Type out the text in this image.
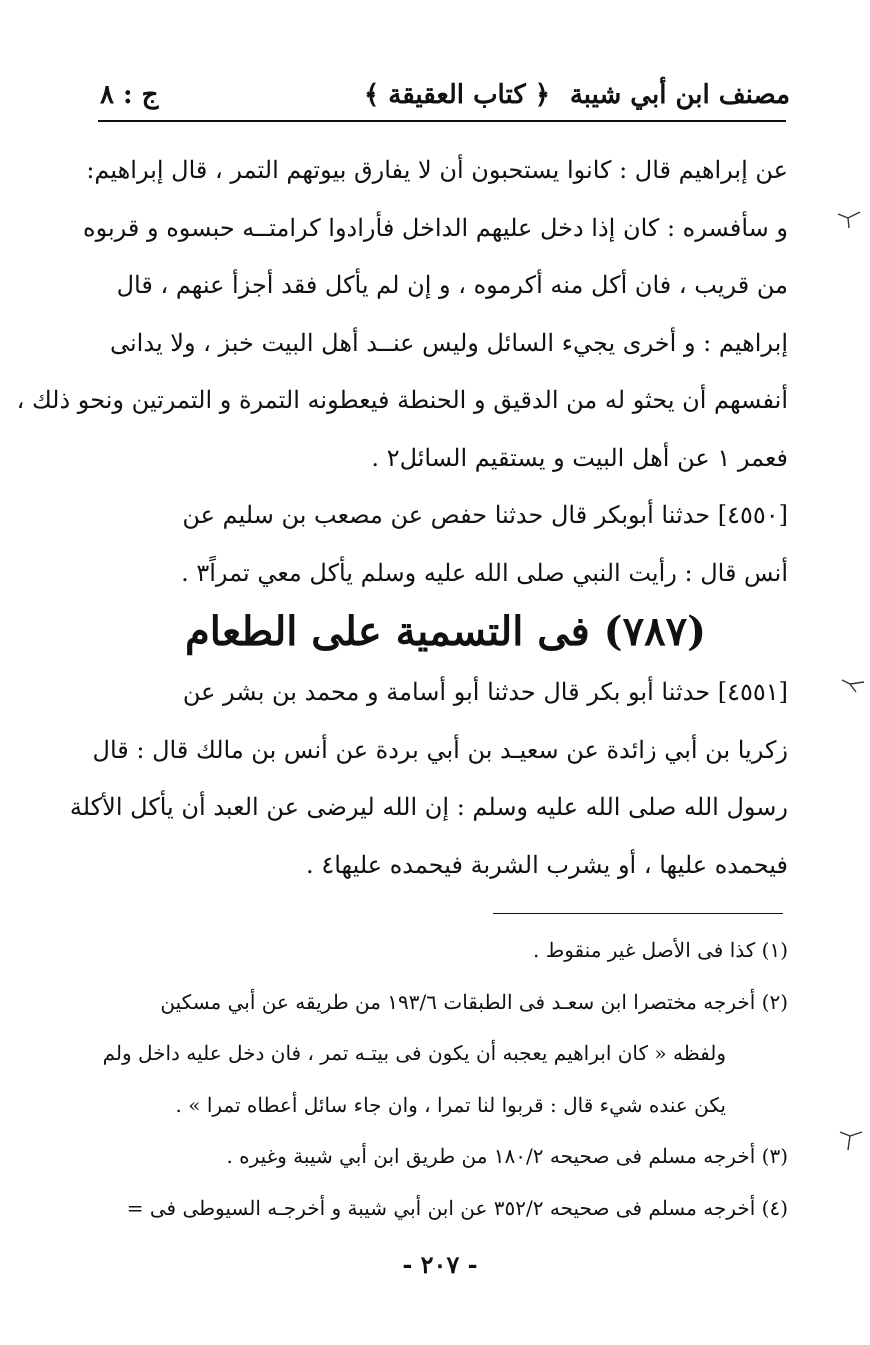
مصنف ابن أبي شيبة
﴿ كتاب العقيقة ﴾
ج : ٨
عن إبراهيم قال : كانوا يستحبون أن لا يفارق بيوتهم التمر ، قال إبراهيم:
و سأفسره : كان إذا دخل عليهم الداخل فأرادوا كرامتــه حبسوه و قربوه
من قريب ، فان أكل منه أكرموه ، و إن لم يأكل فقد أجزأ عنهم ، قال
إبراهيم : و أخرى يجيء السائل وليس عنــد أهل البيت خبز ، ولا يدانى
أنفسهم أن يحثو له من الدقيق و الحنطة فيعطونه التمرة و التمرتين ونحو ذلك ،
فعمر ١ عن أهل البيت و يستقيم السائل٢ .
[٤٥٥٠] حدثنا أبوبكر قال حدثنا حفص عن مصعب بن سليم عن
أنس قال : رأيت النبي صلى الله عليه وسلم يأكل معي تمراً٣ .
(٧٨٧) فى التسمية على الطعام
[٤٥٥١] حدثنا أبو بكر قال حدثنا أبو أسامة و محمد بن بشر عن
زكريا بن أبي زائدة عن سعيـد بن أبي بردة عن أنس بن مالك قال : قال
رسول الله صلى الله عليه وسلم : إن الله ليرضى عن العبد أن يأكل الأكلة
فيحمده عليها ، أو يشرب الشربة فيحمده عليها٤ .
(١) كذا فى الأصل غير منقوط .
(٢) أخرجه مختصرا ابن سعـد فى الطبقات ١٩٣/٦ من طريقه عن أبي مسكين
ولفظه « كان ابراهيم يعجبه أن يكون فى بيتـه تمر ، فان دخل عليه داخل ولم
يكن عنده شيء قال : قربوا لنا تمرا ، وان جاء سائل أعطاه تمرا » .
(٣) أخرجه مسلم فى صحيحه ١٨٠/٢ من طريق ابن أبي شيبة وغيره .
(٤) أخرجه مسلم فى صحيحه ٣٥٢/٢ عن ابن أبي شيبة و أخرجـه السيوطى فى =
- ٢٠٧ -
